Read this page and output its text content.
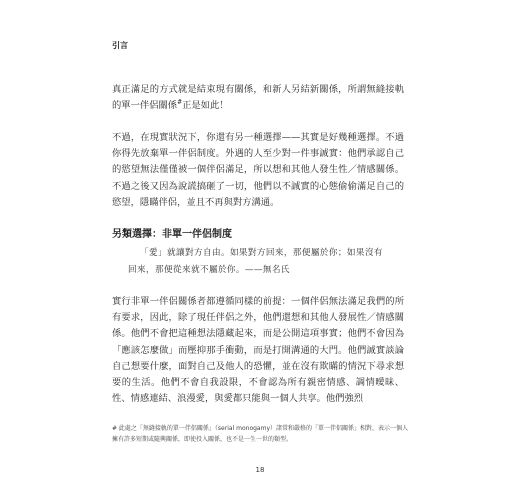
引言

真正滿足的方式就是結束現有關係，和新人另結新關係，所謂無縫接軌的單一伴侶關係#正是如此！

不過，在現實狀況下，你還有另一種選擇——其實是好幾種選擇。不過你得先放棄單一伴侶制度。外遇的人至少對一件事誠實：他們承認自己的慾望無法僅僅被一個伴侶滿足，所以想和其他人發生性／情感關係。不過之後又因為說謊搞砸了一切，他們以不誠實的心態偷偷滿足自己的慾望，隱瞞伴侶，並且不再與對方溝通。

另類選擇：非單一伴侶制度
「愛」就讓對方自由。如果對方回來，那便屬於你；如果沒有
回來，那便從來就不屬於你。——無名氏

實行非單一伴侶關係者都遵循同樣的前提：一個伴侶無法滿足我們的所有要求，因此，除了現任伴侶之外，他們還想和其他人發展性／情感關係。他們不會把這種想法隱藏起來，而是公開這項事實；他們不會因為「應該怎麼做」而壓抑那手衝動，而是打開溝通的大門。他們誠實談論自己想要什麼，面對自己及他人的恐懼，並在沒有欺瞞的情況下尋求想要的生活。他們不會自我設限，不會認為所有親密情感、調情曖昧、性、情感連結、浪漫愛，與愛都只能與一個人共享。他們強烈

# 此處之「無縫接軌的單一伴侶關係」（serial monogamy）諸常和嚴格的「單一伴侶關係」相對，表示一個人擁有許多短期或隨興關係，即使投入關係，也不是一生一世的類型。
18
